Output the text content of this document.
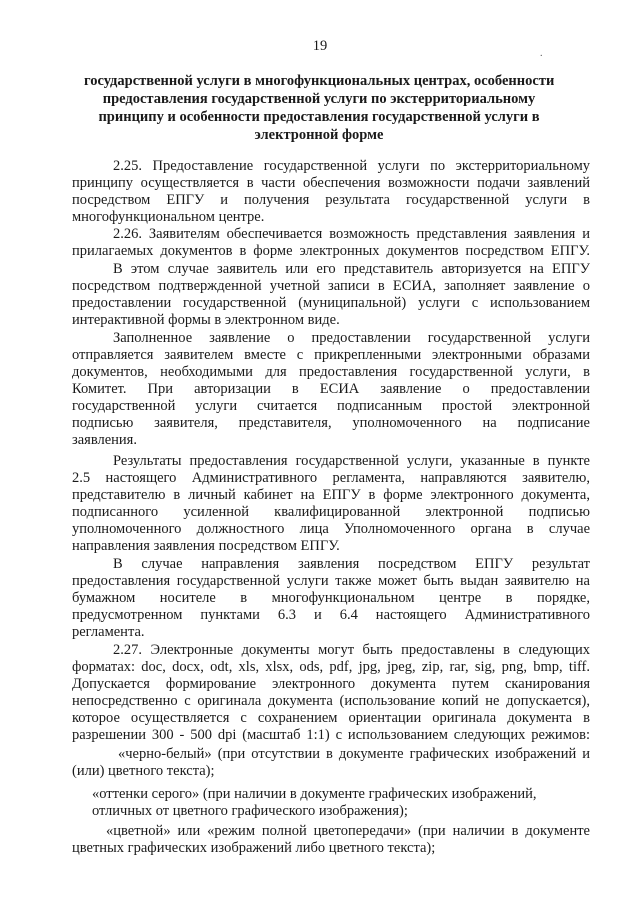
19	.
государственной услуги в многофункциональных центрах, особенности
предоставления государственной услуги по экстерриториальному
принципу и особенности предоставления государственной услуги в
электронной форме
2.25. Предоставление государственной услуги по экстерриториальному
принципу осуществляется в части обеспечения возможности подачи заявлений
посредством ЕПГУ и получения результата государственной услуги в
многофункциональном центре.
2.26. Заявителям обеспечивается возможность представления заявления и
прилагаемых документов в форме электронных документов посредством ЕПГУ.
В этом случае заявитель или его представитель авторизуется на ЕПГУ
посредством подтвержденной учетной записи в ЕСИА, заполняет заявление о
предоставлении государственной (муниципальной) услуги с использованием
интерактивной формы в электронном виде.
Заполненное заявление о предоставлении государственной услуги
отправляется заявителем вместе с прикрепленными электронными образами
документов, необходимыми для предоставления государственной услуги, в
Комитет. При авторизации в ЕСИА заявление о предоставлении
государственной услуги считается подписанным простой электронной
подписью заявителя, представителя, уполномоченного на подписание
заявления.
Результаты предоставления государственной услуги, указанные в пункте
2.5 настоящего Административного регламента, направляются заявителю,
представителю в личный кабинет на ЕПГУ в форме электронного документа,
подписанного усиленной квалифицированной электронной подписью
уполномоченного должностного лица Уполномоченного органа в случае
направления заявления посредством ЕПГУ.
В случае направления заявления посредством ЕПГУ результат
предоставления государственной услуги также может быть выдан заявителю на
бумажном носителе в многофункциональном центре в порядке,
предусмотренном пунктами 6.3 и 6.4 настоящего Административного
регламента.
2.27. Электронные документы могут быть предоставлены в следующих
форматах: doc, docx, odt, xls, xlsx, ods, pdf, jpg, jpeg, zip, rar, sig, png, bmp, tiff.
Допускается формирование электронного документа путем сканирования
непосредственно с оригинала документа (использование копий не допускается),
которое осуществляется с сохранением ориентации оригинала документа в
разрешении 300 - 500 dpi (масштаб 1:1) с использованием следующих режимов:
«черно-белый» (при отсутствии в документе графических изображений и
(или) цветного текста);
«оттенки серого» (при наличии в документе графических изображений,
отличных от цветного графического изображения);
«цветной» или «режим полной цветопередачи» (при наличии в документе
цветных графических изображений либо цветного текста);
